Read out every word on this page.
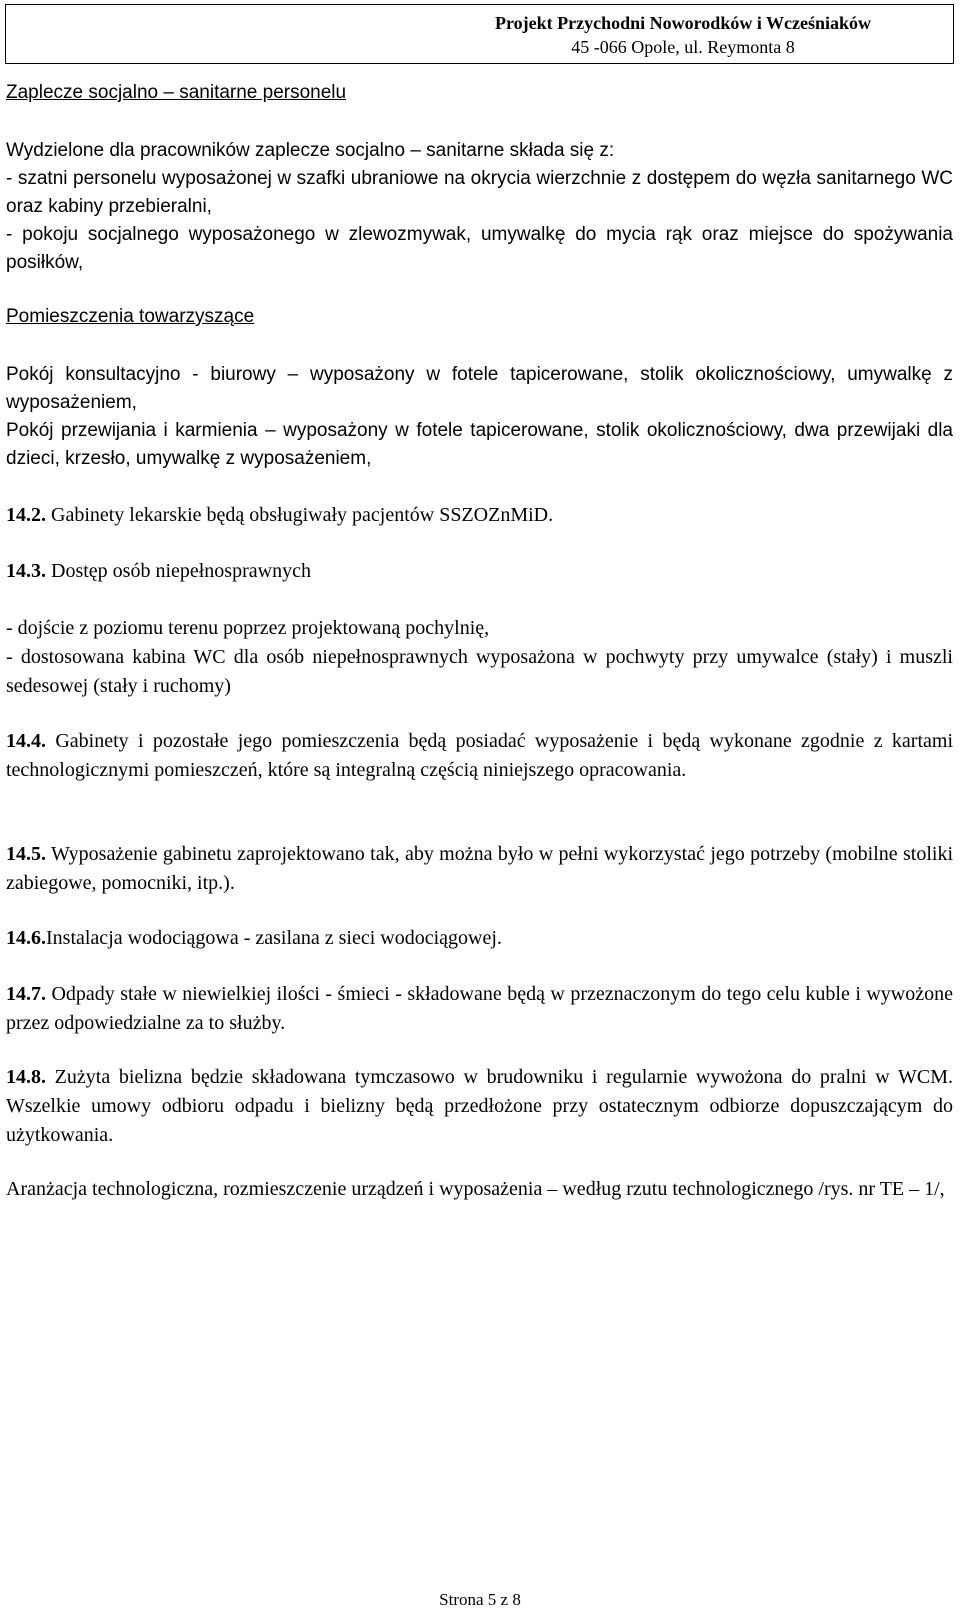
Projekt Przychodni Noworodków i Wcześniaków
45 -066 Opole, ul. Reymonta 8
Zaplecze socjalno – sanitarne personelu
Wydzielone dla pracowników zaplecze socjalno – sanitarne składa się z:
- szatni personelu wyposażonej w szafki ubraniowe na okrycia wierzchnie z dostępem do węzła sanitarnego WC oraz kabiny przebieralni,
- pokoju socjalnego wyposażonego w zlewozmywak, umywalkę do mycia rąk oraz miejsce do spożywania posiłków,
Pomieszczenia towarzyszące
Pokój konsultacyjno - biurowy – wyposażony w fotele tapicerowane, stolik okolicznościowy, umywalkę z wyposażeniem,
Pokój przewijania i karmienia – wyposażony w fotele tapicerowane, stolik okolicznościowy, dwa przewijaki dla dzieci, krzesło, umywalkę z wyposażeniem,
14.2. Gabinety lekarskie będą obsługiwały pacjentów SSZOZnMiD.
14.3. Dostęp osób niepełnosprawnych
- dojście z poziomu terenu poprzez projektowaną pochylnię,
- dostosowana kabina WC dla osób niepełnosprawnych wyposażona w pochwyty przy umywalce (stały) i muszli sedesowej (stały i ruchomy)
14.4. Gabinety i pozostałe jego pomieszczenia będą posiadać wyposażenie i będą wykonane zgodnie z kartami technologicznymi pomieszczeń, które są integralną częścią niniejszego opracowania.
14.5. Wyposażenie gabinetu zaprojektowano tak, aby można było w pełni wykorzystać jego potrzeby (mobilne stoliki zabiegowe, pomocniki, itp.).
14.6.Instalacja wodociągowa - zasilana z sieci wodociągowej.
14.7. Odpady stałe w niewielkiej ilości - śmieci - składowane będą w przeznaczonym do tego celu kuble i wywożone przez odpowiedzialne za to służby.
14.8. Zużyta bielizna będzie składowana tymczasowo w brudowniku i regularnie wywożona do pralni w WCM. Wszelkie umowy odbioru odpadu i bielizny będą przedłożone przy ostatecznym odbiorze dopuszczającym do użytkowania.
Aranżacja technologiczna, rozmieszczenie urządzeń i wyposażenia – według rzutu technologicznego /rys. nr TE – 1/,
Strona 5 z 8
